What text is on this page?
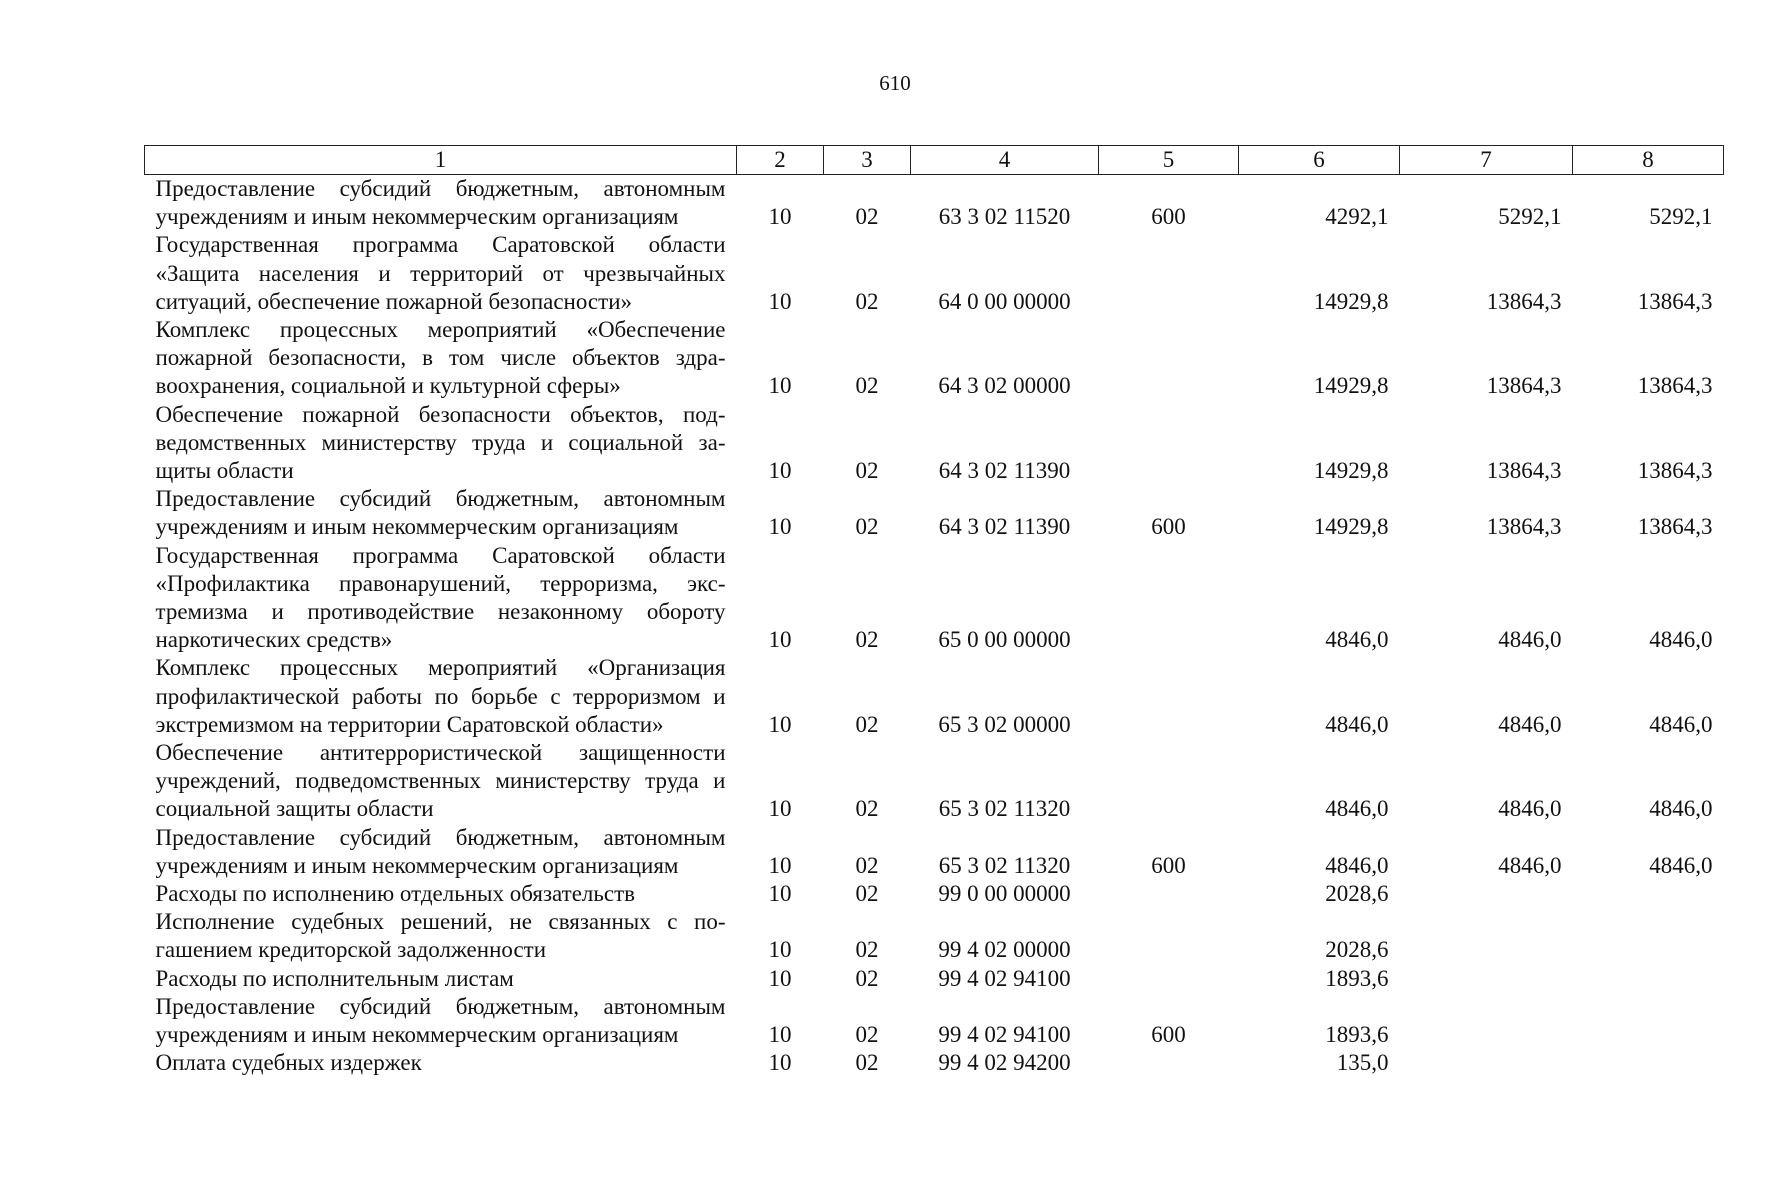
610
1	2	3	4	5	6	7	8
Предоставление субсидий бюджетным, автономным учреждениям и иным некоммерческим организациям	10	02	63 3 02 11520	600	4292,1	5292,1	5292,1
Государственная программа Саратовской области «Защита населения и территорий от чрезвычайных ситуаций, обеспечение пожарной безопасности»	10	02	64 0 00 00000		14929,8	13864,3	13864,3
Комплекс процессных мероприятий «Обеспечение пожарной безопасности, в том числе объектов здравоохранения, социальной и культурной сферы»	10	02	64 3 02 00000		14929,8	13864,3	13864,3
Обеспечение пожарной безопасности объектов, подведомственных министерству труда и социальной защиты области	10	02	64 3 02 11390		14929,8	13864,3	13864,3
Предоставление субсидий бюджетным, автономным учреждениям и иным некоммерческим организациям	10	02	64 3 02 11390	600	14929,8	13864,3	13864,3
Государственная программа Саратовской области «Профилактика правонарушений, терроризма, экстремизма и противодействие незаконному обороту наркотических средств»	10	02	65 0 00 00000		4846,0	4846,0	4846,0
Комплекс процессных мероприятий «Организация профилактической работы по борьбе с терроризмом и экстремизмом на территории Саратовской области»	10	02	65 3 02 00000		4846,0	4846,0	4846,0
Обеспечение антитеррористической защищенности учреждений, подведомственных министерству труда и социальной защиты области	10	02	65 3 02 11320		4846,0	4846,0	4846,0
Предоставление субсидий бюджетным, автономным учреждениям и иным некоммерческим организациям	10	02	65 3 02 11320	600	4846,0	4846,0	4846,0
Расходы по исполнению отдельных обязательств	10	02	99 0 00 00000		2028,6		
Исполнение судебных решений, не связанных с погашением кредиторской задолженности	10	02	99 4 02 00000		2028,6		
Расходы по исполнительным листам	10	02	99 4 02 94100		1893,6		
Предоставление субсидий бюджетным, автономным учреждениям и иным некоммерческим организациям	10	02	99 4 02 94100	600	1893,6		
Оплата судебных издержек	10	02	99 4 02 94200		135,0		
